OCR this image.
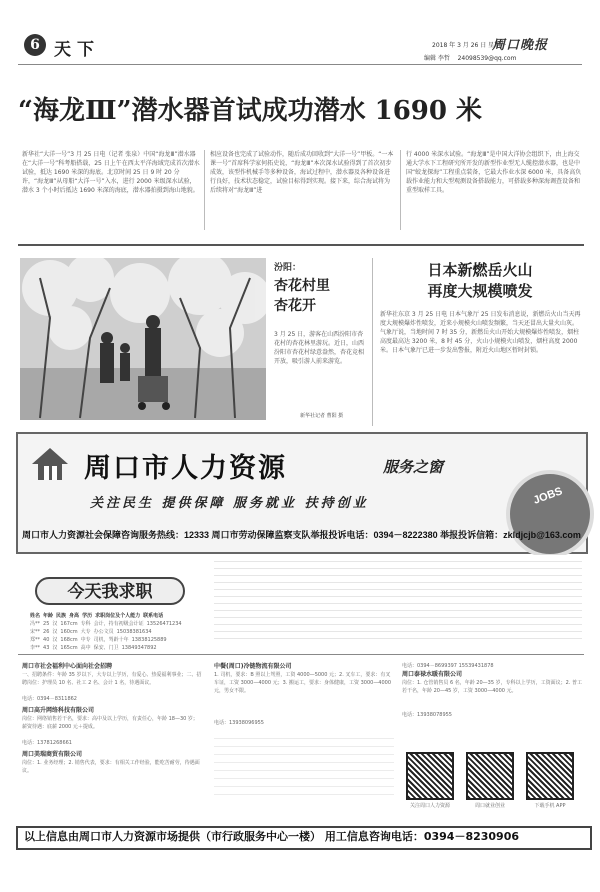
6 天下	2018 年 3 月 26 日 星期一
周口晚报
编辑 李哲 24098539@qq.com
“海龙Ⅲ”潜水器首试成功潜水 1690 米
新华社“大洋一号”3 月 25 日电（记者 张泉）中国“海龙Ⅲ”潜水器在“大洋一号”科考船搭载，25 日上午在西太平洋海域完成首次潜水试验，抵达 1690 米深的海底。北京时间 25 日 9 时 20 分许，“海龙Ⅲ”从母船“大洋一号”入水，进行 2000 米级深水试验，潜水 3 个小时后抵达 1690 米深的海底，潜水器拍摄到海山地貌。
相应设备也完成了试验动作，随后成功回收到“大洋一号”甲板。“一本课一号”首席科学家何拓史说，“海龙Ⅲ”本次深水试验得到了首次初步成效，该型作机械手等多种设备，海试过程中，潜水器及各种设备进行良好，技术状态稳定，试验目标得到实现。接下来，综合海试将为后续将对“海龙Ⅲ”进
行 4000 米深水试验。“海龙Ⅲ”是中国大洋协会组织下，由上海交通大学水下工程研究所开发的新型作业型无人缆控潜水器，也是中国“蛟龙探海”工程重点装备，它最大作业水深 6000 米，具备高负载作业能力和大型观测设备搭载能力，可搭载多种深海调查设备和重型取样工具。
汾阳：
杏花村里
杏花开
3 月 25 日，游客在山西汾阳市杏花村的杏花林里游玩。近日，山西汾阳市杏花村绿意盎然，杏花竞相开放，吸引游人前来游览。
新华社记者 曹阳 摄
日本新燃岳火山
再度大规模喷发
新华社东京 3 月 25 日电 日本气象厅 25 日发布消息说，新燃岳火山当天再度大规模爆炸性喷发，近来小规模火山喷发频繁，当天还冒出大量火山灰。气象厅说，当地时间 7 时 35 分，新燃岳火山开始大规模爆炸性喷发，烟柱高度最高达 3200 米，8 时 45 分，火山小规模火山喷发，烟柱高度 2000 米。日本气象厅已进一步发出警报，附近火山地区暂时封锁。
周口市人力资源	服务之窗
关注民生 提供保障 服务就业 扶持创业	JOBS
周口市人力资源社会保障咨询服务热线：12333 周口市劳动保障监察支队举报投诉电话：0394－8222380 举报投诉信箱：zkldjcjb@163.com
今天我求职
姓名 年龄 民族 身高 学历 求职岗位及个人能力 联系电话
冯** 25 汉 167cm 专科 会计，持有初级会计证 13526471234
宋** 26 汉 160cm 大专 办公文员 15038381634
郑** 40 汉 168cm 中专 司机，驾龄十年 13838125889
李** 43 汉 165cm 高中 保安、门卫 13849347892
周口市社会福利中心面向社会招聘
一、招聘条件：年龄 35 岁以下，大专以上学历，有爱心、热爱福利事业；二、招聘岗位：护理员 10 名、社工 2 名、会计 1 名，待遇面议。
电话：0394－8311862
周口高升网络科技有限公司
岗位：网络销售若干名，要求：高中及以上学历，有责任心，年龄 18—30 岁；薪资待遇：底薪 2000 元＋提成。
电话：13781268661
周口美瑞商贸有限公司
岗位：1. 业务经理；2. 销售代表，要求：有相关工作经验，能吃苦耐劳，待遇面议。
中餐(周口)冷链物流有限公司
1. 司机，要求：B 照以上驾照，工资 4000—5000 元；2. 叉车工，要求：有叉车证，工资 3000—4000 元；3. 搬运工，要求：身体健康，工资 3000—4000 元，男女不限。
电话：13938096955
电话：0394－8699397 15539431878
周口泰禄水暖有限公司
岗位：1. 仓管销售员 6 名，年龄 20—35 岁，专科以上学历，工资面议；2. 普工若干名，年龄 20—45 岁，工资 3000—4000 元。
电话：13938078955
关注周口人力资源	周口就业创业	下载手机 APP
以上信息由周口市人力资源市场提供（市行政服务中心一楼） 用工信息咨询电话：0394－8230906
